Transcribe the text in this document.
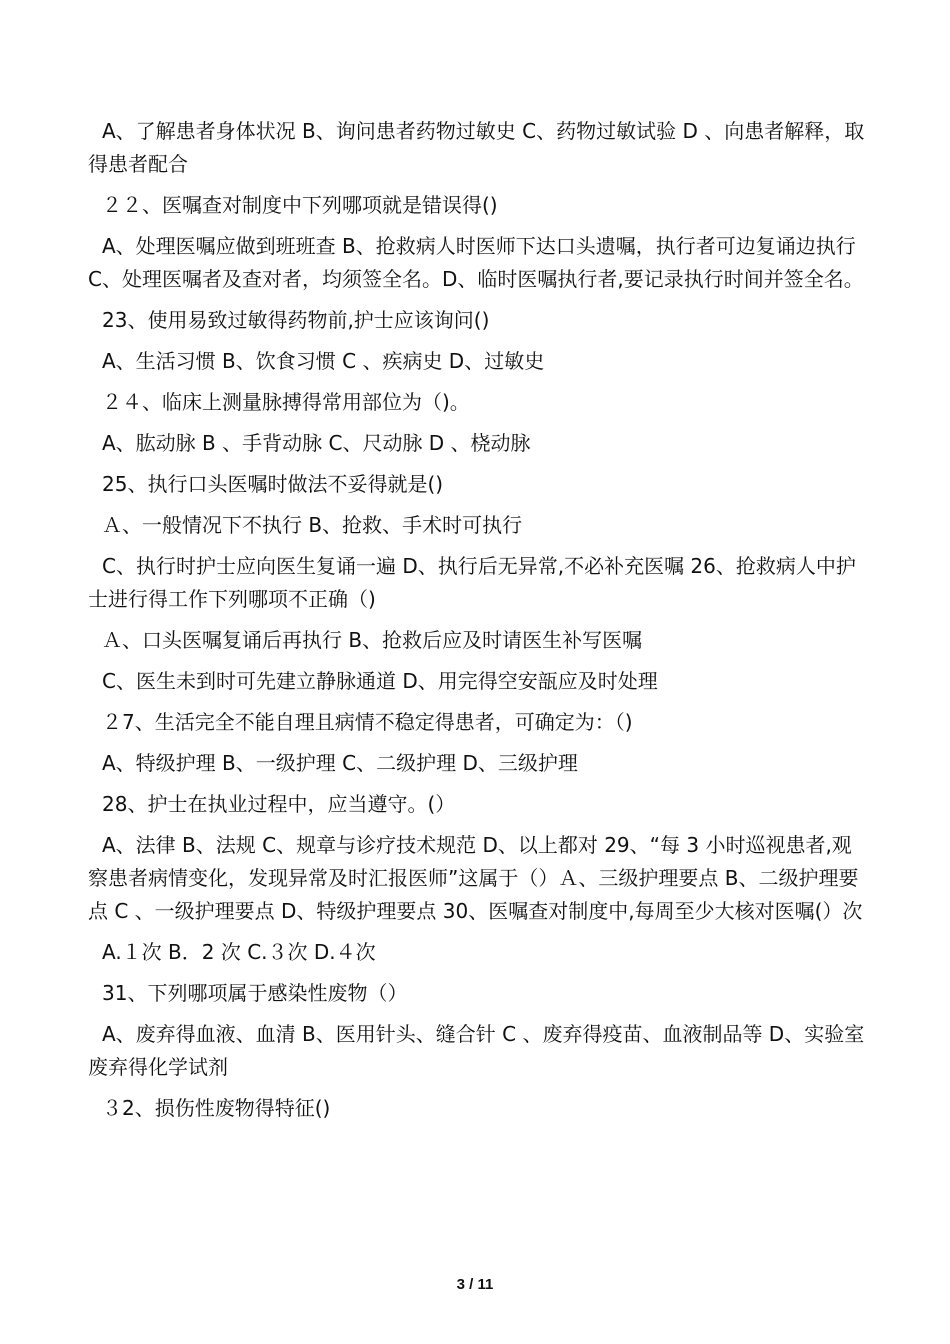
A、了解患者身体状况 B、询问患者药物过敏史 C、药物过敏试验 D 、向患者解释，取得患者配合

２２、医嘱查对制度中下列哪项就是错误得()

A、处理医嘱应做到班班查 B、抢救病人时医师下达口头遗嘱，执行者可边复诵边执行 C、处理医嘱者及查对者，均须签全名。D、临时医嘱执行者,要记录执行时间并签全名。

23、使用易致过敏得药物前,护士应该询问()

A、生活习惯 B、饮食习惯 C 、疾病史 D、过敏史

２４、临床上测量脉搏得常用部位为（)。

A、肱动脉 B 、手背动脉 C、尺动脉 D 、桡动脉

25、执行口头医嘱时做法不妥得就是()

Ａ、一般情况下不执行 B、抢救、手术时可执行

C、执行时护士应向医生复诵一遍 D、执行后无异常,不必补充医嘱 26、抢救病人中护士进行得工作下列哪项不正确（)

Ａ、口头医嘱复诵后再执行 B、抢救后应及时请医生补写医嘱

C、医生未到时可先建立静脉通道 D、用完得空安瓿应及时处理

２7、生活完全不能自理且病情不稳定得患者，可确定为：（)

A、特级护理 B、一级护理 C、二级护理 D、三级护理

28、护士在执业过程中，应当遵守。(）

A、法律 B、法规 C、规章与诊疗技术规范 D、以上都对 29、“每 3 小时巡视患者,观察患者病情变化，发现异常及时汇报医师”这属于（）Ａ、三级护理要点 B、二级护理要点 C 、一级护理要点 D、特级护理要点 30、医嘱查对制度中,每周至少大核对医嘱(）次

A.１次 B．2 次 C.３次 D.４次

31、下列哪项属于感染性废物（）

A、废弃得血液、血清 B、医用针头、缝合针 C 、废弃得疫苗、血液制品等 D、实验室废弃得化学试剂

３2、损伤性废物得特征()

3 / 11
